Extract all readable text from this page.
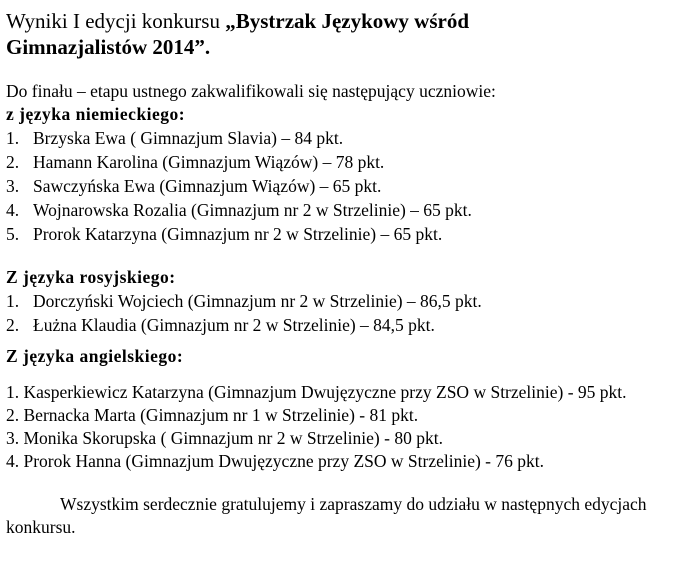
Wyniki I edycji konkursu „Bystrzak Językowy wśród
Gimnazjalistów 2014”.

Do finału – etapu ustnego zakwalifikowali się następujący uczniowie:

z języka niemieckiego:

1. Brzyska Ewa ( Gimnazjum Slavia) – 84 pkt.
2. Hamann Karolina (Gimnazjum Wiązów) – 78 pkt.
3. Sawczyńska Ewa (Gimnazjum Wiązów) – 65 pkt.
4. Wojnarowska Rozalia (Gimnazjum nr 2 w Strzelinie) – 65 pkt.
5. Prorok Katarzyna (Gimnazjum nr 2 w Strzelinie) – 65 pkt.

Z języka rosyjskiego:

1. Dorczyński Wojciech (Gimnazjum nr 2 w Strzelinie) – 86,5 pkt.
2. Łużna Klaudia (Gimnazjum nr 2 w Strzelinie) – 84,5 pkt.

Z języka angielskiego:

1. Kasperkiewicz Katarzyna (Gimnazjum Dwujęzyczne przy ZSO w Strzelinie) - 95 pkt.
2. Bernacka Marta (Gimnazjum nr 1 w Strzelinie) - 81 pkt.
3. Monika Skorupska ( Gimnazjum nr 2 w Strzelinie) - 80 pkt.
4. Prorok Hanna (Gimnazjum Dwujęzyczne przy ZSO w Strzelinie) - 76 pkt.

Wszystkim serdecznie gratulujemy i zapraszamy do udziału w następnych edycjach konkursu.
